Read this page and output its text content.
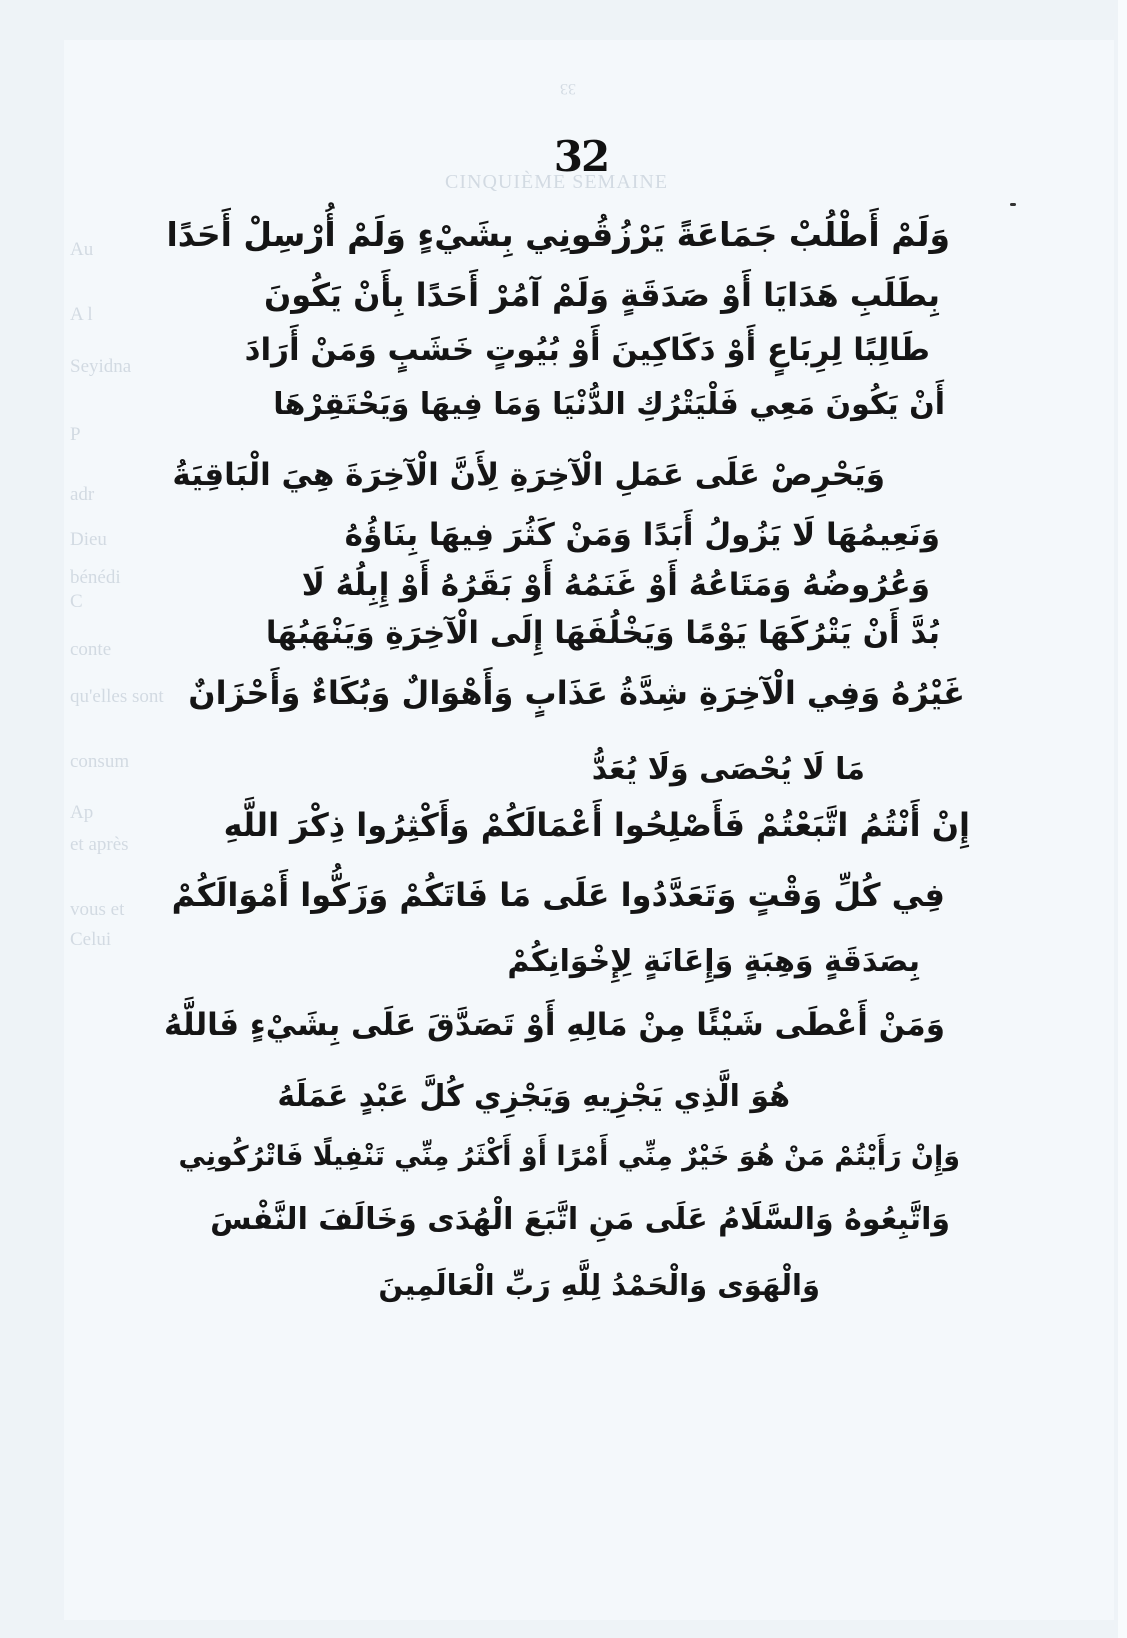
33
CINQUIÈME SEMAINE
Au
A l
Seyidna
P
adr
Dieu
bénédi
C
conte
qu'elles sont
consum
Ap
et après
vous et
Celui
32
وَلَمْ أَطْلُبْ جَمَاعَةً يَرْزُقُونِي بِشَيْءٍ وَلَمْ أُرْسِلْ أَحَدًا
بِطَلَبِ هَدَايَا أَوْ صَدَقَةٍ وَلَمْ آمُرْ أَحَدًا بِأَنْ يَكُونَ
طَالِبًا لِرِبَاعٍ أَوْ دَكَاكِينَ أَوْ بُيُوتٍ خَشَبٍ وَمَنْ أَرَادَ
أَنْ يَكُونَ مَعِي فَلْيَتْرُكِ الدُّنْيَا وَمَا فِيهَا وَيَحْتَقِرْهَا
وَيَحْرِصْ عَلَى عَمَلِ الْآخِرَةِ لِأَنَّ الْآخِرَةَ هِيَ الْبَاقِيَةُ
وَنَعِيمُهَا لَا يَزُولُ أَبَدًا وَمَنْ كَثُرَ فِيهَا بِنَاؤُهُ
وَعُرُوضُهُ وَمَتَاعُهُ أَوْ غَنَمُهُ أَوْ بَقَرُهُ أَوْ إِبِلُهُ لَا
بُدَّ أَنْ يَتْرُكَهَا يَوْمًا وَيَخْلُفَهَا إِلَى الْآخِرَةِ وَيَنْهَبُهَا
غَيْرُهُ وَفِي الْآخِرَةِ شِدَّةُ عَذَابٍ وَأَهْوَالٌ وَبُكَاءٌ وَأَحْزَانٌ
مَا لَا يُحْصَى وَلَا يُعَدُّ
إِنْ أَنْتُمُ اتَّبَعْتُمْ فَأَصْلِحُوا أَعْمَالَكُمْ وَأَكْثِرُوا ذِكْرَ اللَّهِ
فِي كُلِّ وَقْتٍ وَتَعَدَّدُوا عَلَى مَا فَاتَكُمْ وَزَكُّوا أَمْوَالَكُمْ
بِصَدَقَةٍ وَهِبَةٍ وَإِعَانَةٍ لِإِخْوَانِكُمْ
وَمَنْ أَعْطَى شَيْئًا مِنْ مَالِهِ أَوْ تَصَدَّقَ عَلَى بِشَيْءٍ فَاللَّهُ
هُوَ الَّذِي يَجْزِيهِ وَيَجْزِي كُلَّ عَبْدٍ عَمَلَهُ
وَإِنْ رَأَيْتُمْ مَنْ هُوَ خَيْرٌ مِنِّي أَمْرًا أَوْ أَكْثَرُ مِنِّي تَنْفِيلًا فَاتْرُكُونِي
وَاتَّبِعُوهُ وَالسَّلَامُ عَلَى مَنِ اتَّبَعَ الْهُدَى وَخَالَفَ النَّفْسَ
وَالْهَوَى وَالْحَمْدُ لِلَّهِ رَبِّ الْعَالَمِينَ
